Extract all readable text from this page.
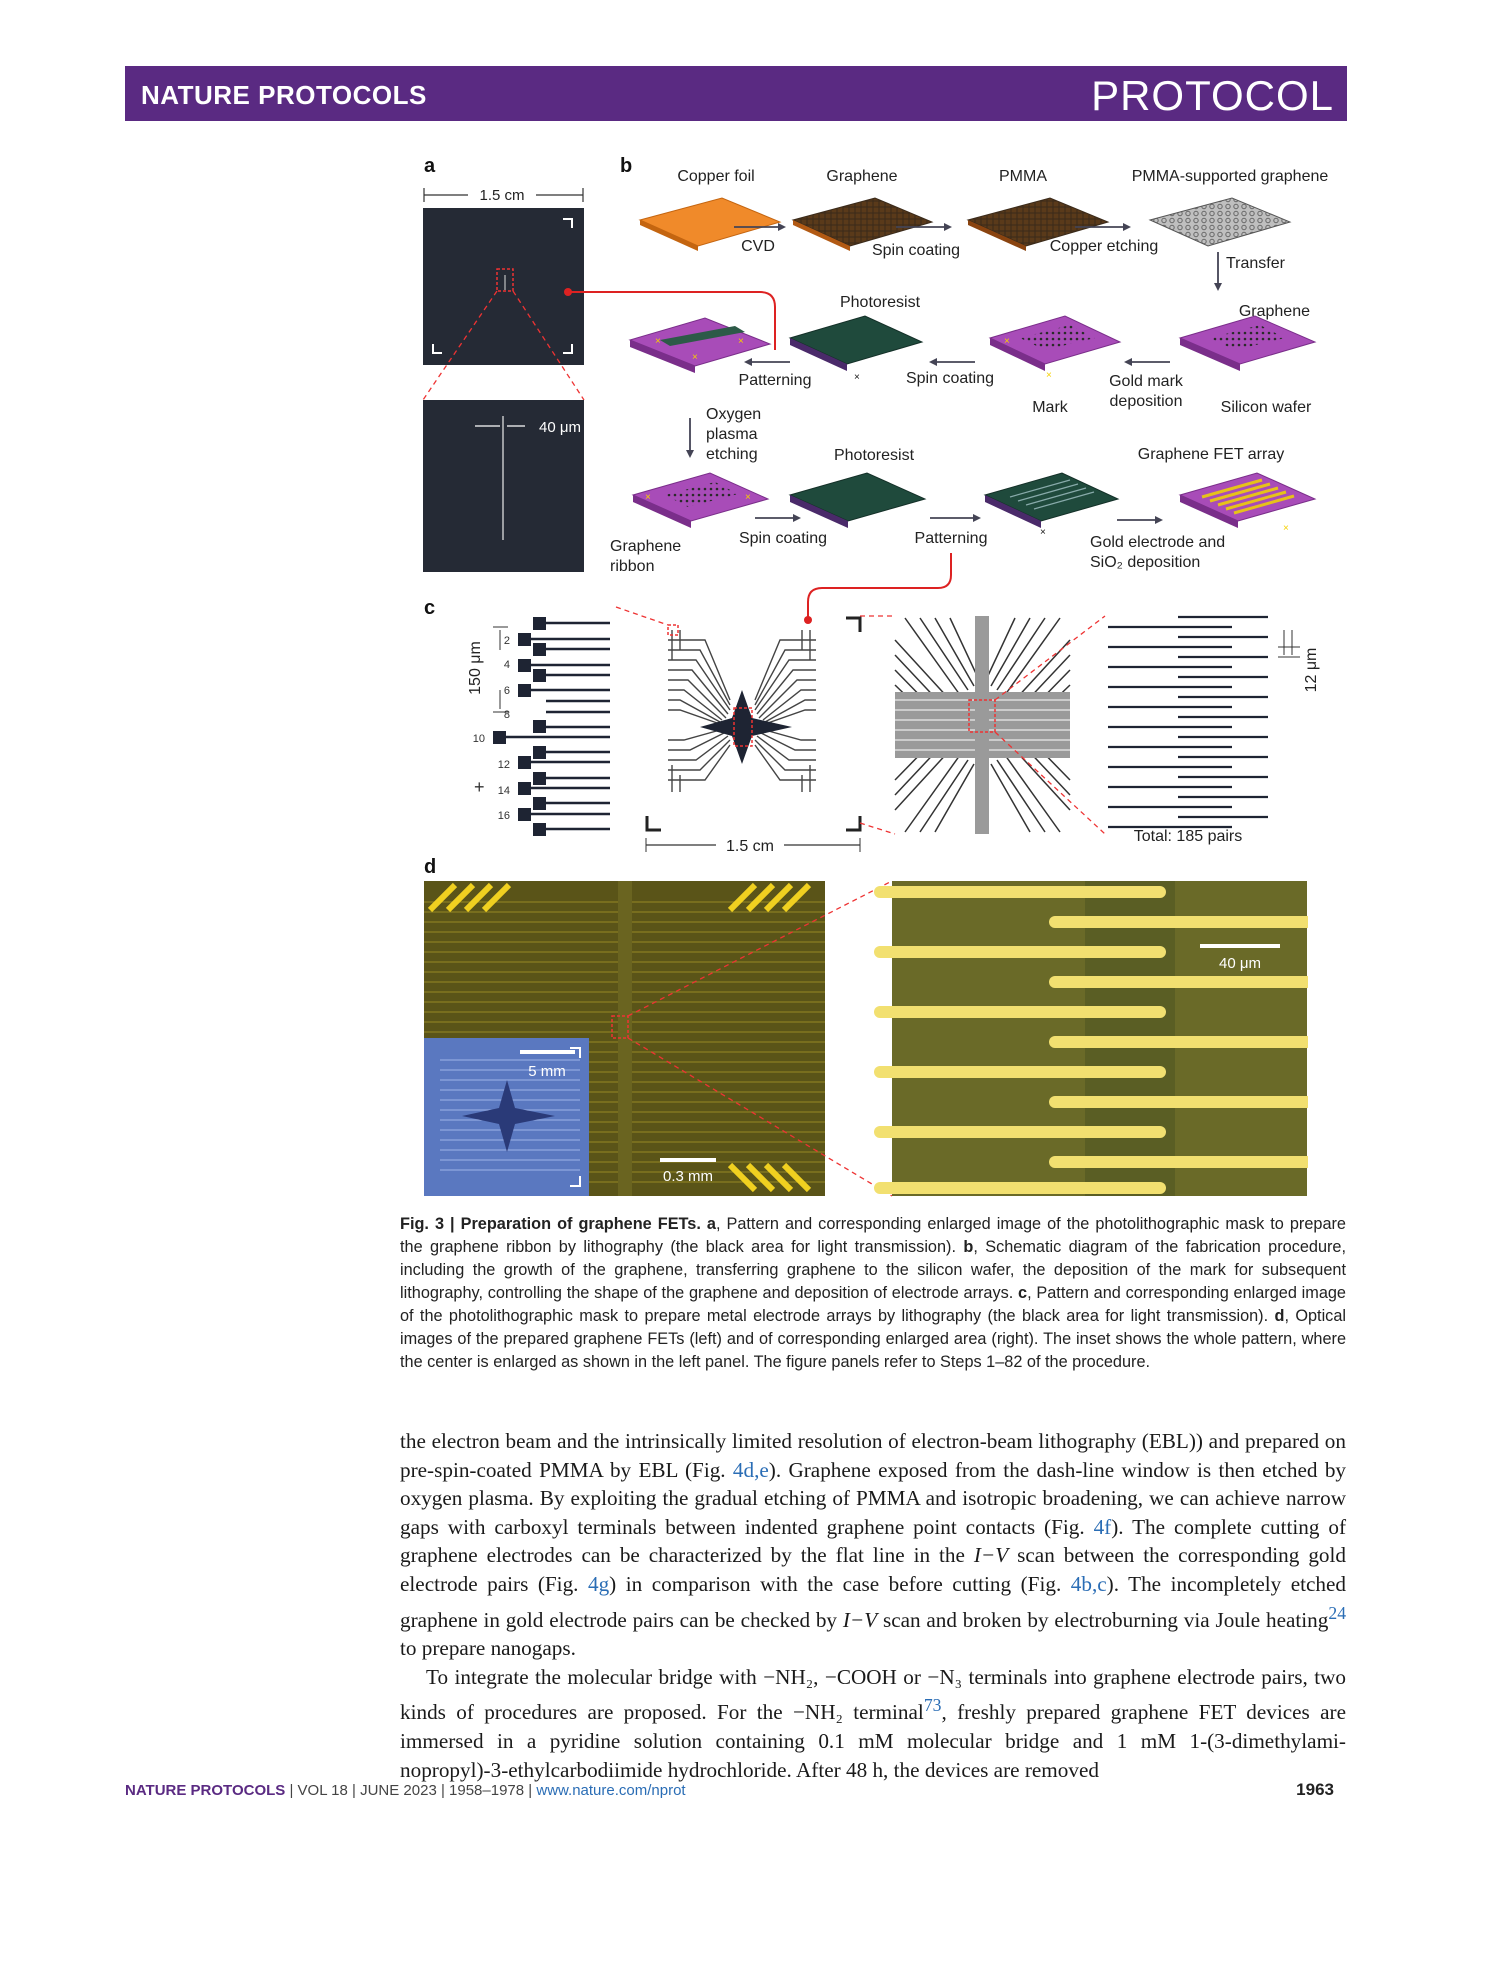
NATURE PROTOCOLS	PROTOCOL
a
1.5 cm
40 μm
b	Copper foil	Graphene	PMMA	PMMA-supported graphene
CVD	Spin coating	Copper etching
Transfer
Graphene
Photoresist
×	×
×
×
×
×
Spin coating
Patterning
Mark
Gold mark deposition	Silicon wafer
Oxygen plasma etching	Photoresist	Graphene FET array
×	×
×	×
Spin coating	Patterning
Graphene ribbon
Gold electrode and SiO₂ deposition
c
150 μm
2
4
6
8
10
12
14
16
+
1.5 cm
12 μm
Total: 185 pairs
d
5 mm
0.3 mm
40 μm
Fig. 3 | Preparation of graphene FETs. a, Pattern and corresponding enlarged image of the photolithographic mask to prepare the graphene ribbon by lithography (the black area for light transmission). b, Schematic diagram of the fabrication procedure, including the growth of the graphene, transferring graphene to the silicon wafer, the deposition of the mark for subsequent lithography, controlling the shape of the graphene and deposition of electrode arrays. c, Pattern and corresponding enlarged image of the photolithographic mask to prepare metal electrode arrays by lithography (the black area for light transmission). d, Optical images of the prepared graphene FETs (left) and of corresponding enlarged area (right). The inset shows the whole pattern, where the center is enlarged as shown in the left panel. The figure panels refer to Steps 1–82 of the procedure.

the electron beam and the intrinsically limited resolution of electron-beam lithography (EBL)) and prepared on pre-spin-coated PMMA by EBL (Fig. 4d,e). Graphene exposed from the dash-line window is then etched by oxygen plasma. By exploiting the gradual etching of PMMA and isotropic broadening, we can achieve narrow gaps with carboxyl terminals between indented graphene point contacts (Fig. 4f). The complete cutting of graphene electrodes can be characterized by the flat line in the I−V scan between the corresponding gold electrode pairs (Fig. 4g) in comparison with the case before cutting (Fig. 4b,c). The incompletely etched graphene in gold electrode pairs can be checked by I−V scan and broken by electroburning via Joule heating$^{24}$ to prepare nanogaps.

To integrate the molecular bridge with −NH₂, −COOH or −N₃ terminals into graphene electrode pairs, two kinds of procedures are proposed. For the −NH₂ terminal$^{73}$, freshly prepared graphene FET devices are immersed in a pyridine solution containing 0.1 mM molecular bridge and 1 mM 1-(3-dimethylami-nopropyl)-3-ethylcarbodiimide hydrochloride. After 48 h, the devices are removed

NATURE PROTOCOLS | VOL 18 | JUNE 2023 | 1958–1978 | www.nature.com/nprot	1963
